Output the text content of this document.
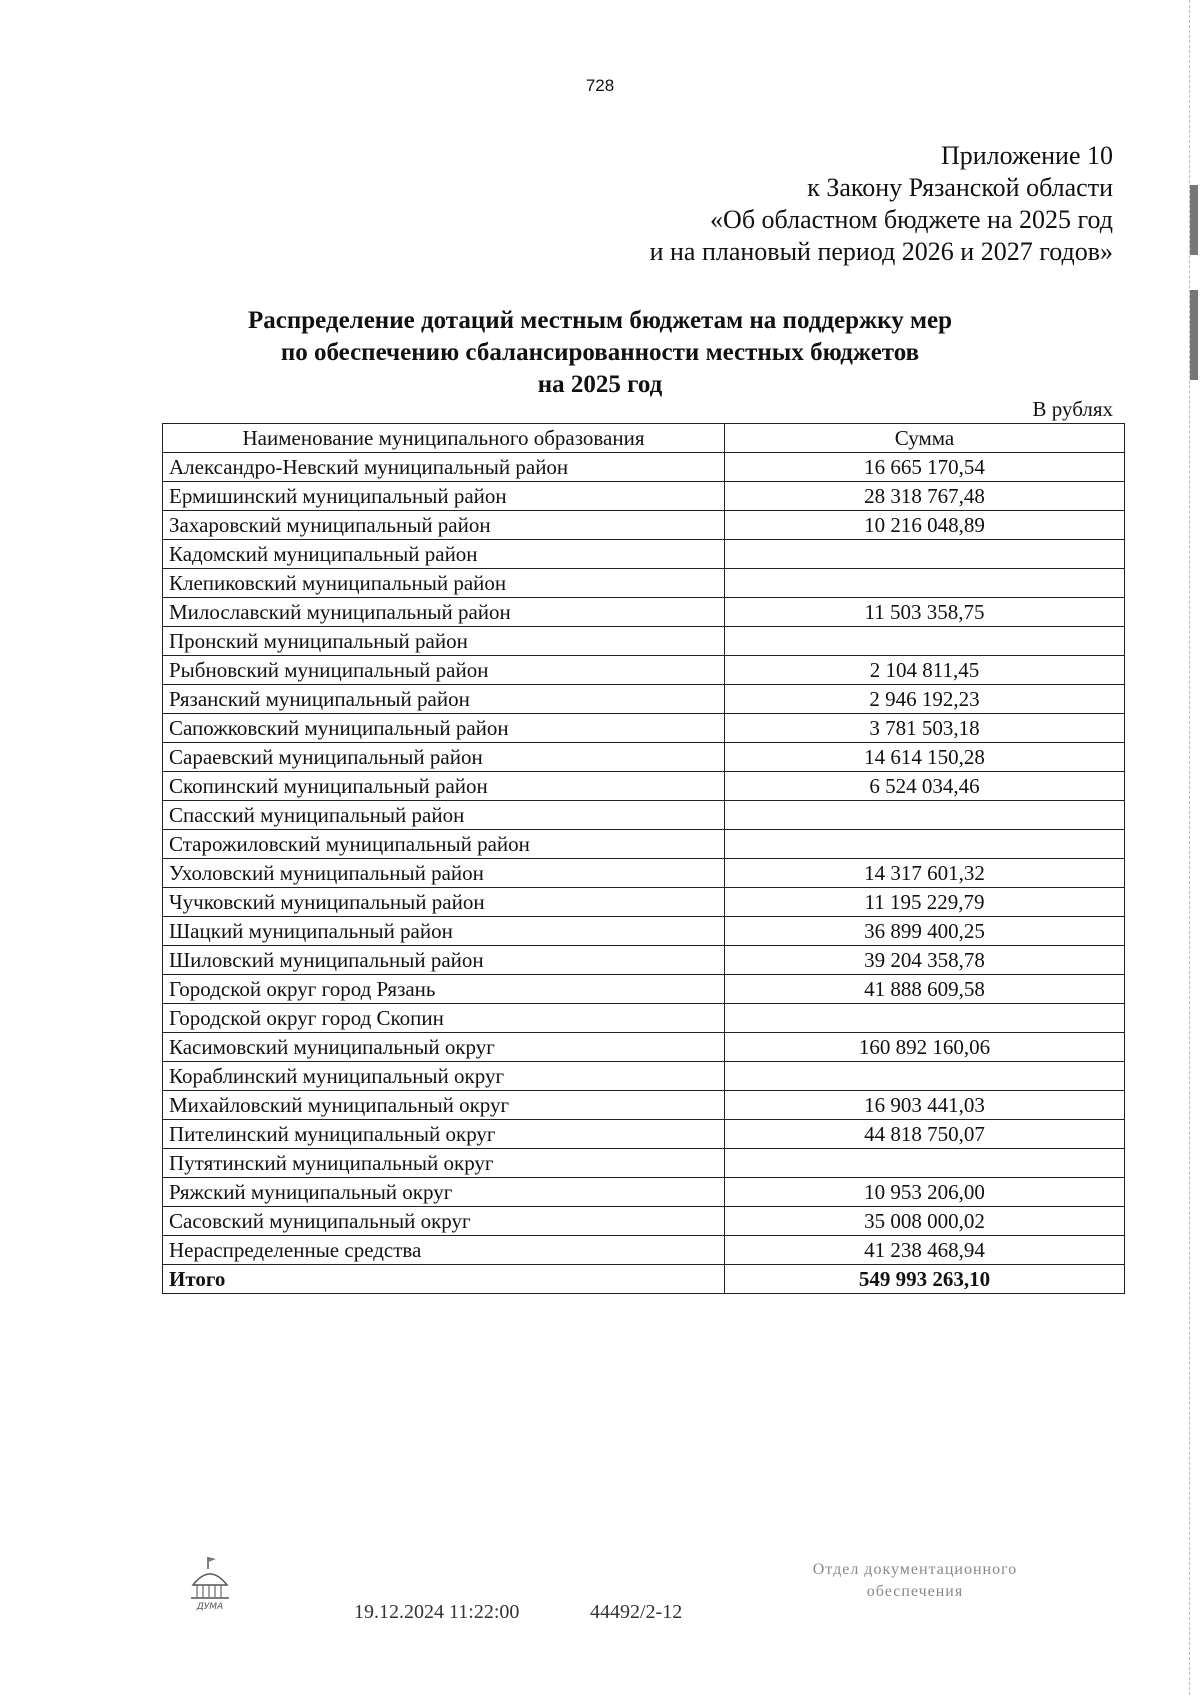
728
Приложение 10
к Закону Рязанской области
«Об областном бюджете на 2025 год
и на плановый период 2026 и 2027 годов»
Распределение дотаций местным бюджетам на поддержку мер
по обеспечению сбалансированности местных бюджетов
на 2025 год
В рублях
Наименование муниципального образования	Сумма
Александро-Невский муниципальный район	16 665 170,54
Ермишинский муниципальный район	28 318 767,48
Захаровский муниципальный район	10 216 048,89
Кадомский муниципальный район	
Клепиковский муниципальный район	
Милославский муниципальный район	11 503 358,75
Пронский муниципальный район	
Рыбновский муниципальный район	2 104 811,45
Рязанский муниципальный район	2 946 192,23
Сапожковский муниципальный район	3 781 503,18
Сараевский муниципальный район	14 614 150,28
Скопинский муниципальный район	6 524 034,46
Спасский муниципальный район	
Старожиловский муниципальный район	
Ухоловский муниципальный район	14 317 601,32
Чучковский муниципальный район	11 195 229,79
Шацкий муниципальный район	36 899 400,25
Шиловский муниципальный район	39 204 358,78
Городской округ город Рязань	41 888 609,58
Городской округ город Скопин	
Касимовский муниципальный округ	160 892 160,06
Кораблинский муниципальный округ	
Михайловский муниципальный округ	16 903 441,03
Пителинский муниципальный округ	44 818 750,07
Путятинский муниципальный округ	
Ряжский муниципальный округ	10 953 206,00
Сасовский муниципальный округ	35 008 000,02
Нераспределенные средства	41 238 468,94
Итого	549 993 263,10
ДУМА	19.12.2024 11:22:00	44492/2-12
Отдел документационного
обеспечения
